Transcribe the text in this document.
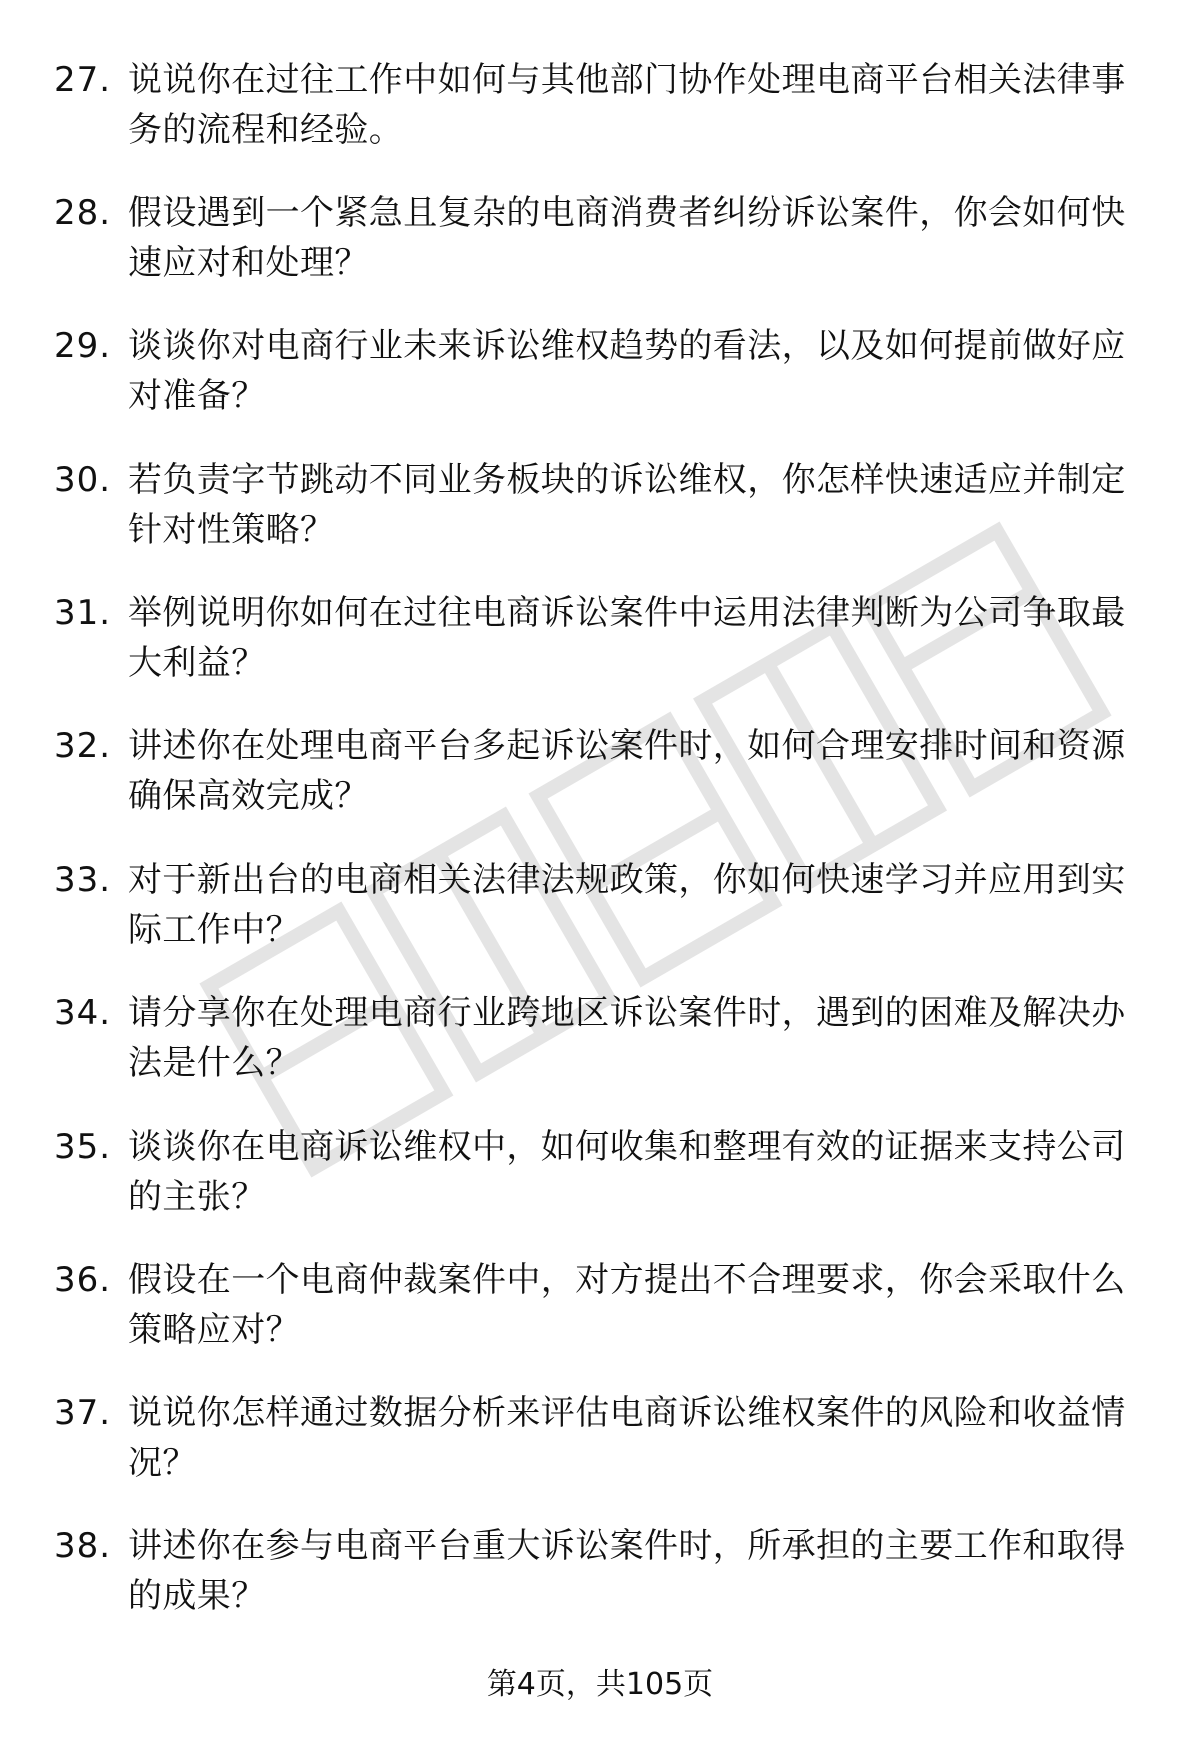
27. 说说你在过往工作中如何与其他部门协作处理电商平台相关法律事务的流程和经验。
28. 假设遇到一个紧急且复杂的电商消费者纠纷诉讼案件，你会如何快速应对和处理？
29. 谈谈你对电商行业未来诉讼维权趋势的看法，以及如何提前做好应对准备？
30. 若负责字节跳动不同业务板块的诉讼维权，你怎样快速适应并制定针对性策略？
31. 举例说明你如何在过往电商诉讼案件中运用法律判断为公司争取最大利益？
32. 讲述你在处理电商平台多起诉讼案件时，如何合理安排时间和资源确保高效完成？
33. 对于新出台的电商相关法律法规政策，你如何快速学习并应用到实际工作中？
34. 请分享你在处理电商行业跨地区诉讼案件时，遇到的困难及解决办法是什么？
35. 谈谈你在电商诉讼维权中，如何收集和整理有效的证据来支持公司的主张？
36. 假设在一个电商仲裁案件中，对方提出不合理要求，你会采取什么策略应对？
37. 说说你怎样通过数据分析来评估电商诉讼维权案件的风险和收益情况？
38. 讲述你在参与电商平台重大诉讼案件时，所承担的主要工作和取得的成果？
第4页，共105页
